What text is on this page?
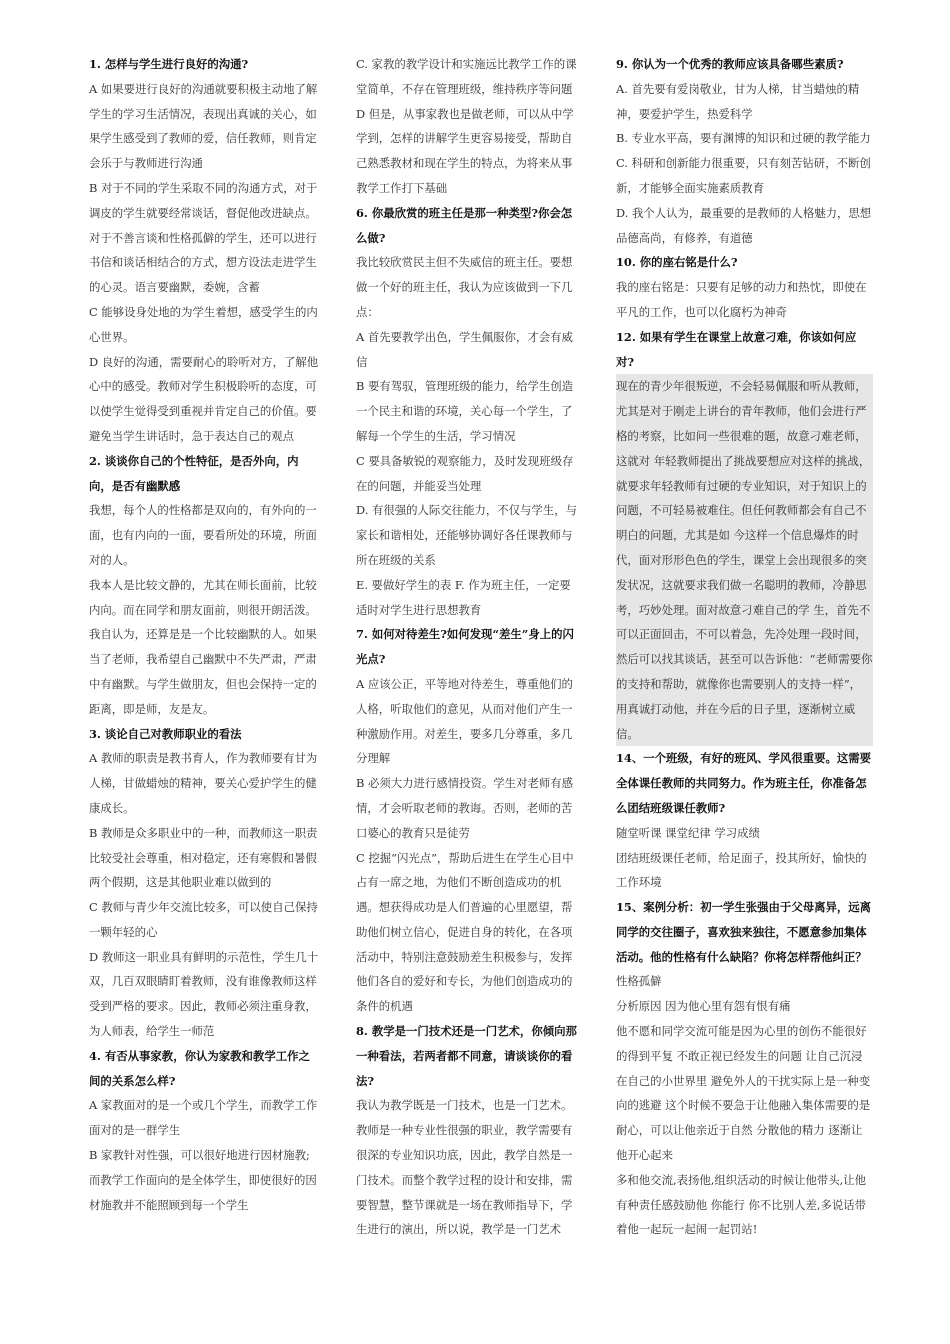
1. 怎样与学生进行良好的沟通?

A 如果要进行良好的沟通就要积极主动地了解学生的学习生活情况，表现出真诚的关心，如果学生感受到了教师的爱，信任教师，则肯定会乐于与教师进行沟通

B 对于不同的学生采取不同的沟通方式，对于调皮的学生就要经常谈话，督促他改进缺点。对于不善言谈和性格孤僻的学生，还可以进行书信和谈话相结合的方式，想方设法走进学生的心灵。语言要幽默，委婉，含蓄

C 能够设身处地的为学生着想，感受学生的内心世界。

D 良好的沟通，需要耐心的聆听对方，了解他心中的感受。教师对学生积极聆听的态度，可以使学生觉得受到重视并肯定自己的价值。要避免当学生讲话时，急于表达自己的观点

2. 谈谈你自己的个性特征，是否外向，内向，是否有幽默感

我想，每个人的性格都是双向的，有外向的一面，也有内向的一面，要看所处的环境，所面对的人。

我本人是比较文静的，尤其在师长面前，比较内向。而在同学和朋友面前，则很开朗活泼。我自认为，还算是是一个比较幽默的人。如果当了老师，我希望自己幽默中不失严肃，严肃中有幽默。与学生做朋友，但也会保持一定的距离，即是师，友是友。

3. 谈论自己对教师职业的看法

A 教师的职责是教书育人，作为教师要有甘为人梯，甘做蜡烛的精神，要关心爱护学生的健康成长。

B 教师是众多职业中的一种，而教师这一职责比较受社会尊重，相对稳定，还有寒假和暑假两个假期，这是其他职业难以做到的

C 教师与青少年交流比较多，可以使自己保持一颗年轻的心

D 教师这一职业具有鲜明的示范性，学生几十双，几百双眼睛盯着教师，没有谁像教师这样受到严格的要求。因此，教师必须注重身教，为人师表，给学生一师范

4. 有否从事家教，你认为家教和教学工作之间的关系怎么样?

A 家教面对的是一个或几个学生，而教学工作面对的是一群学生

B 家教针对性强，可以很好地进行因材施教;而教学工作面向的是全体学生，即使很好的因材施教并不能照顾到每一个学生

C. 家教的教学设计和实施远比教学工作的课堂简单，不存在管理班级，维持秩序等问题

D 但是，从事家教也是做老师，可以从中学学到，怎样的讲解学生更容易接受，帮助自己熟悉教材和现在学生的特点，为将来从事教学工作打下基础

6. 你最欣赏的班主任是那一种类型?你会怎么做?

我比较欣赏民主但不失威信的班主任。要想做一个好的班主任，我认为应该做到一下几点：

A 首先要教学出色，学生佩服你，才会有威信

B 要有驾驭，管理班级的能力，给学生创造一个民主和谐的环境，关心每一个学生，了解每一个学生的生活，学习情况

C 要具备敏锐的观察能力，及时发现班级存在的问题，并能妥当处理

D. 有很强的人际交往能力，不仅与学生，与家长和谐相处，还能够协调好各任课教师与所在班级的关系

E. 要做好学生的表 F. 作为班主任，一定要适时对学生进行思想教育

7. 如何对待差生?如何发现“差生”身上的闪光点?

A 应该公正，平等地对待差生，尊重他们的人格，听取他们的意见，从而对他们产生一种激励作用。对差生，要多几分尊重，多几分理解

B 必须大力进行感情投资。学生对老师有感情，才会听取老师的教诲。否则，老师的苦口婆心的教育只是徒劳

C 挖掘“闪光点”，帮助后进生在学生心目中占有一席之地，为他们不断创造成功的机遇。想获得成功是人们普遍的心里愿望，帮助他们树立信心，促进自身的转化，在各项活动中，特别注意鼓励差生积极参与，发挥他们各自的爱好和专长，为他们创造成功的条件的机遇

8. 教学是一门技术还是一门艺术，你倾向那一种看法，若两者都不同意，请谈谈你的看法?

我认为教学既是一门技术，也是一门艺术。教师是一种专业性很强的职业，教学需要有很深的专业知识功底，因此，教学自然是一门技术。而整个教学过程的设计和安排，需要智慧，整节课就是一场在教师指导下，学生进行的演出，所以说，教学是一门艺术

9. 你认为一个优秀的教师应该具备哪些素质?

A. 首先要有爱岗敬业，甘为人梯，甘当蜡烛的精神，要爱护学生，热爱科学

B. 专业水平高，要有渊博的知识和过硬的教学能力

C. 科研和创新能力很重要，只有刻苦钻研，不断创新，才能够全面实施素质教育

D. 我个人认为，最重要的是教师的人格魅力，思想品德高尚，有修养，有道德

10. 你的座右铭是什么?

我的座右铭是：只要有足够的动力和热忱，即使在平凡的工作，也可以化腐朽为神奇

12. 如果有学生在课堂上故意刁难，你该如何应对?

现在的青少年很叛逆，不会轻易佩服和听从教师，尤其是对于刚走上讲台的青年教师，他们会进行严格的考察，比如问一些很难的题，故意刁难老师，这就对 年轻教师提出了挑战要想应对这样的挑战，就要求年轻教师有过硬的专业知识，对于知识上的问题，不可轻易被难住。但任何教师都会有自己不明白的问题，尤其是如 今这样一个信息爆炸的时代，面对形形色色的学生，课堂上会出现很多的突发状况，这就要求我们做一名聪明的教师，冷静思考，巧妙处理。面对故意刁难自己的学 生，首先不可以正面回击，不可以着急，先冷处理一段时间，然后可以找其谈话，甚至可以告诉他：“老师需要你的支持和帮助，就像你也需要别人的支持一样”， 用真诚打动他，并在今后的日子里，逐渐树立威信。

14、一个班级，有好的班风、学风很重要。这需要全体课任教师的共同努力。作为班主任，你准备怎么团结班级课任教师?

随堂听课 课堂纪律 学习成绩

团结班级课任老师，给足面子，投其所好，愉快的工作环境

15、案例分析：初一学生张强由于父母离异，远离同学的交往圈子，喜欢独来独往，不愿意参加集体活动。他的性格有什么缺陷？你将怎样帮他纠正？

性格孤僻

分析原因 因为他心里有怨有恨有痛

他不愿和同学交流可能是因为心里的创伤不能很好的得到平复 不敢正视已经发生的问题 让自己沉浸在自己的小世界里 避免外人的干扰实际上是一种变向的逃避 这个时候不要急于让他融入集体需要的是耐心，可以让他亲近于自然 分散他的精力 逐渐让他开心起来

多和他交流,表扬他,组织活动的时候让他带头,让他有种责任感鼓励他 你能行 你不比别人差,多说话带着他一起玩一起闹一起罚站!
